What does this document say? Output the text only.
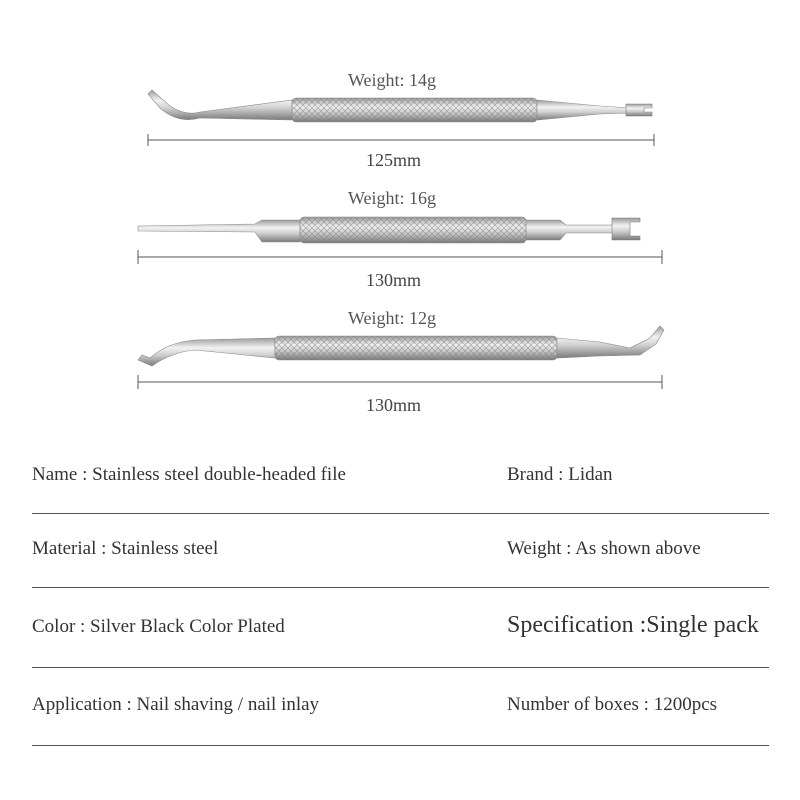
Weight: 14g
125mm
Weight: 16g
130mm
Weight: 12g
130mm
Name : Stainless steel double-headed file	Brand : Lidan
Material : Stainless steel	Weight : As shown above
Color : Silver Black Color Plated	Specification :Single pack
Application : Nail shaving / nail inlay	Number of boxes : 1200pcs
